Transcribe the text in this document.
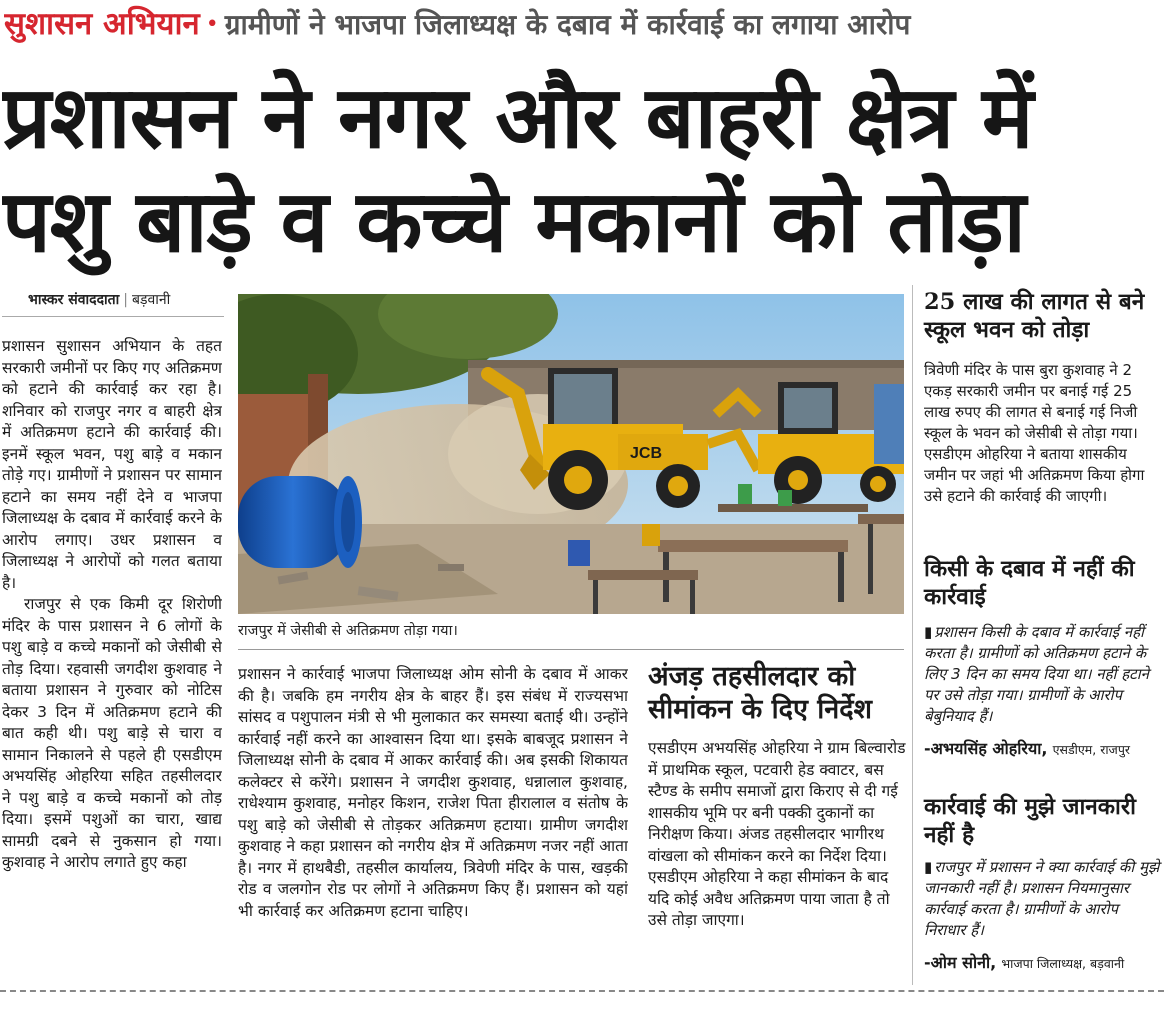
सुशासन अभियान • ग्रामीणों ने भाजपा जिलाध्यक्ष के दबाव में कार्रवाई का लगाया आरोप
प्रशासन ने नगर और बाहरी क्षेत्र में
पशु बाड़े व कच्चे मकानों को तोड़ा
भास्कर संवाददाता | बड़वानी

प्रशासन सुशासन अभियान के तहत सरकारी जमीनों पर किए गए अतिक्रमण को हटाने की कार्रवाई कर रहा है। शनिवार को राजपुर नगर व बाहरी क्षेत्र में अतिक्रमण हटाने की कार्रवाई की। इनमें स्कूल भवन, पशु बाड़े व मकान तोड़े गए। ग्रामीणों ने प्रशासन पर सामान हटाने का समय नहीं देने व भाजपा जिलाध्यक्ष के दबाव में कार्रवाई करने के आरोप लगाए। उधर प्रशासन व जिलाध्यक्ष ने आरोपों को गलत बताया है।

राजपुर से एक किमी दूर शिरोणी मंदिर के पास प्रशासन ने 6 लोगों के पशु बाड़े व कच्चे मकानों को जेसीबी से तोड़ दिया। रहवासी जगदीश कुशवाह ने बताया प्रशासन ने गुरुवार को नोटिस देकर 3 दिन में अतिक्रमण हटाने की बात कही थी। पशु बाड़े से चारा व सामान निकालने से पहले ही एसडीएम अभयसिंह ओहरिया सहित तहसीलदार ने पशु बाड़े व कच्चे मकानों को तोड़ दिया। इसमें पशुओं का चारा, खाद्य सामग्री दबने से नुकसान हो गया। कुशवाह ने आरोप लगाते हुए कहा

JCB
राजपुर में जेसीबी से अतिक्रमण तोड़ा गया।

प्रशासन ने कार्रवाई भाजपा जिलाध्यक्ष ओम सोनी के दबाव में आकर की है। जबकि हम नगरीय क्षेत्र के बाहर हैं। इस संबंध में राज्यसभा सांसद व पशुपालन मंत्री से भी मुलाकात कर समस्या बताई थी। उन्होंने कार्रवाई नहीं करने का आश्वासन दिया था। इसके बाबजूद प्रशासन ने जिलाध्यक्ष सोनी के दबाव में आकर कार्रवाई की। अब इसकी शिकायत कलेक्टर से करेंगे। प्रशासन ने जगदीश कुशवाह, धन्नालाल कुशवाह, राधेश्याम कुशवाह, मनोहर किशन, राजेश पिता हीरालाल व संतोष के पशु बाड़े को जेसीबी से तोड़कर अतिक्रमण हटाया। ग्रामीण जगदीश कुशवाह ने कहा प्रशासन को नगरीय क्षेत्र में अतिक्रमण नजर नहीं आता है। नगर में हाथबैडी, तहसील कार्यालय, त्रिवेणी मंदिर के पास, खड़की रोड व जलगोन रोड पर लोगों ने अतिक्रमण किए हैं। प्रशासन को यहां भी कार्रवाई कर अतिक्रमण हटाना चाहिए।

अंजड़ तहसीलदार को सीमांकन के दिए निर्देश

एसडीएम अभयसिंह ओहरिया ने ग्राम बिल्वारोड में प्राथमिक स्कूल, पटवारी हेड क्वाटर, बस स्टैण्ड के समीप समाजों द्वारा किराए से दी गई शासकीय भूमि पर बनी पक्की दुकानों का निरीक्षण किया। अंजड तहसीलदार भागीरथ वांखला को सीमांकन करने का निर्देश दिया। एसडीएम ओहरिया ने कहा सीमांकन के बाद यदि कोई अवैध अतिक्रमण पाया जाता है तो उसे तोड़ा जाएगा।

25 लाख की लागत से बने स्कूल भवन को तोड़ा
त्रिवेणी मंदिर के पास बुरा कुशवाह ने 2 एकड़ सरकारी जमीन पर बनाई गई 25 लाख रुपए की लागत से बनाई गई निजी स्कूल के भवन को जेसीबी से तोड़ा गया। एसडीएम ओहरिया ने बताया शासकीय जमीन पर जहां भी अतिक्रमण किया होगा उसे हटाने की कार्रवाई की जाएगी।
किसी के दबाव में नहीं की कार्रवाई
▮ प्रशासन किसी के दबाव में कार्रवाई नहीं करता है। ग्रामीणों को अतिक्रमण हटाने के लिए 3 दिन का समय दिया था। नहीं हटाने पर उसे तोड़ा गया। ग्रामीणों के आरोप बेबुनियाद हैं।
-अभयसिंह ओहरिया, एसडीएम, राजपुर
कार्रवाई की मुझे जानकारी नहीं है
▮ राजपुर में प्रशासन ने क्या कार्रवाई की मुझे जानकारी नहीं है। प्रशासन नियमानुसार कार्रवाई करता है। ग्रामीणों के आरोप निराधार हैं।
-ओम सोनी, भाजपा जिलाध्यक्ष, बड़वानी
